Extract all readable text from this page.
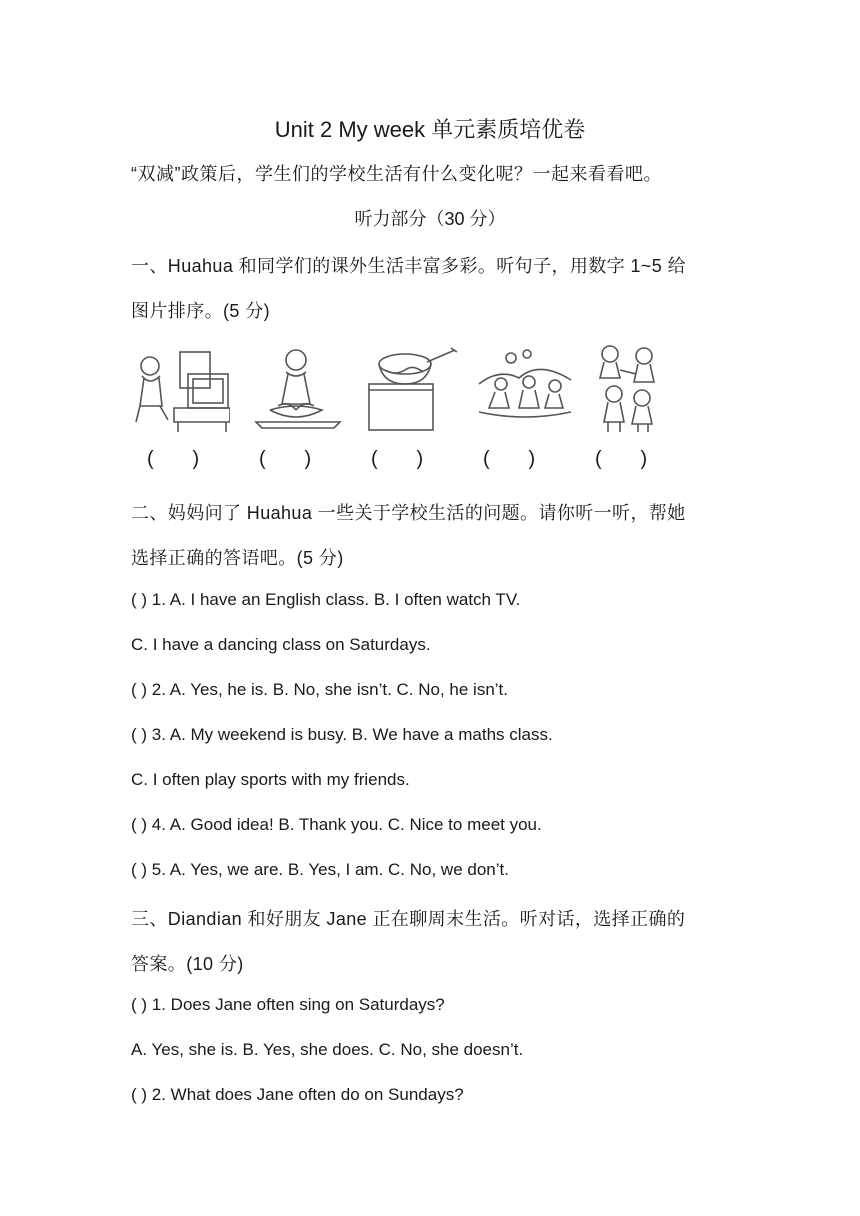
Unit 2 My week 单元素质培优卷
“双减”政策后，学生们的学校生活有什么变化呢？一起来看看吧。
听力部分（30 分）
一、Huahua 和同学们的课外生活丰富多彩。听句子，用数字 1~5 给
图片排序。(5 分)
(       )	(       )	(       )	(       )	(       )
二、妈妈问了 Huahua 一些关于学校生活的问题。请你听一听，帮她
选择正确的答语吧。(5 分)
( ) 1. A. I have an English class. B. I often watch TV.
C. I have a dancing class on Saturdays.
( ) 2. A. Yes, he is. B. No, she isn’t. C. No, he isn’t.
( ) 3. A. My weekend is busy. B. We have a maths class.
C. I often play sports with my friends.
( ) 4. A. Good idea! B. Thank you. C. Nice to meet you.
( ) 5. A. Yes, we are. B. Yes, I am. C. No, we don’t.
三、Diandian 和好朋友 Jane 正在聊周末生活。听对话，选择正确的
答案。(10 分)
( ) 1. Does Jane often sing on Saturdays?
A. Yes, she is. B. Yes, she does. C. No, she doesn’t.
( ) 2. What does Jane often do on Sundays?
